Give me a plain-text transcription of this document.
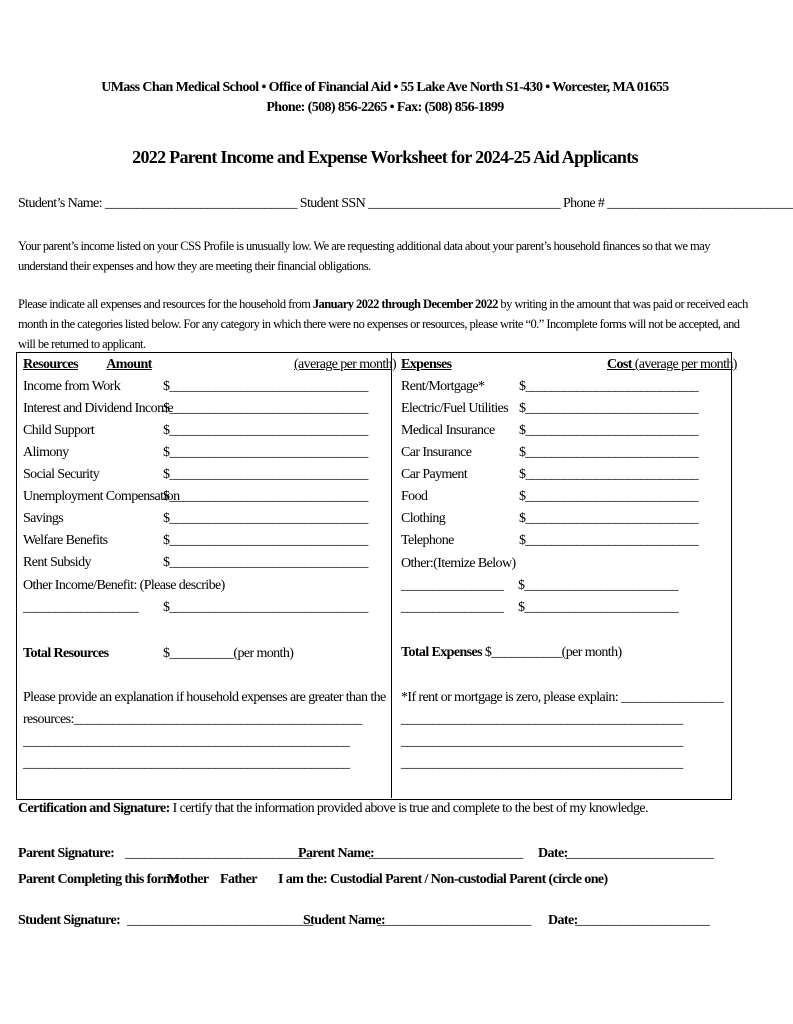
UMass Chan Medical School • Office of Financial Aid • 55 Lake Ave North S1-430 • Worcester, MA 01655
Phone: (508) 856-2265 • Fax: (508) 856-1899
2022 Parent Income and Expense Worksheet for 2024-25 Aid Applicants
Student’s Name: ______________________________ Student SSN ______________________________ Phone # _____________________________
Your parent’s income listed on your CSS Profile is unusually low. We are requesting additional data about your parent’s household finances so that we may understand their expenses and how they are meeting their financial obligations.
Please indicate all expenses and resources for the household from January 2022 through December 2022 by writing in the amount that was paid or received each month in the categories listed below. For any category in which there were no expenses or resources, please write “0.” Incomplete forms will not be accepted, and will be returned to applicant.
Resources Amount	(average per month)
Income from Work	$_______________________________
Interest and Dividend Income
$_______________________________
Child Support	$_______________________________
Alimony	$_______________________________
Social Security	$_______________________________
Unemployment Compensation
$_______________________________
Savings	$_______________________________
Welfare Benefits	$_______________________________
Rent Subsidy	$_______________________________
Other Income/Benefit: (Please describe)
__________________ $_______________________________
Total Resources	$__________(per month)
Please provide an explanation if household expenses are greater than the
resources:_____________________________________________
___________________________________________________
___________________________________________________
Expenses	Cost (average per month)
Rent/Mortgage* $___________________________
Electric/Fuel Utilities $___________________________
Medical Insurance $___________________________
Car Insurance	$___________________________
Car Payment	$___________________________
Food	$___________________________
Clothing	$___________________________
Telephone	$___________________________
Other:(Itemize Below)
________________ $________________________
________________ $________________________
Total Expenses $___________(per month)
*If rent or mortgage is zero, please explain: ________________
____________________________________________
____________________________________________
____________________________________________
Certification and Signature: I certify that the information provided above is true and complete to the best of my knowledge.
Parent Signature: _____________________________
Parent Name:
________________________ Date:
_______________________
Parent Completing this form:
Mother Father I am the: Custodial Parent / Non-custodial Parent (circle one)
Student Signature: _____________________________
Student Name:
________________________ Date:
_____________________
